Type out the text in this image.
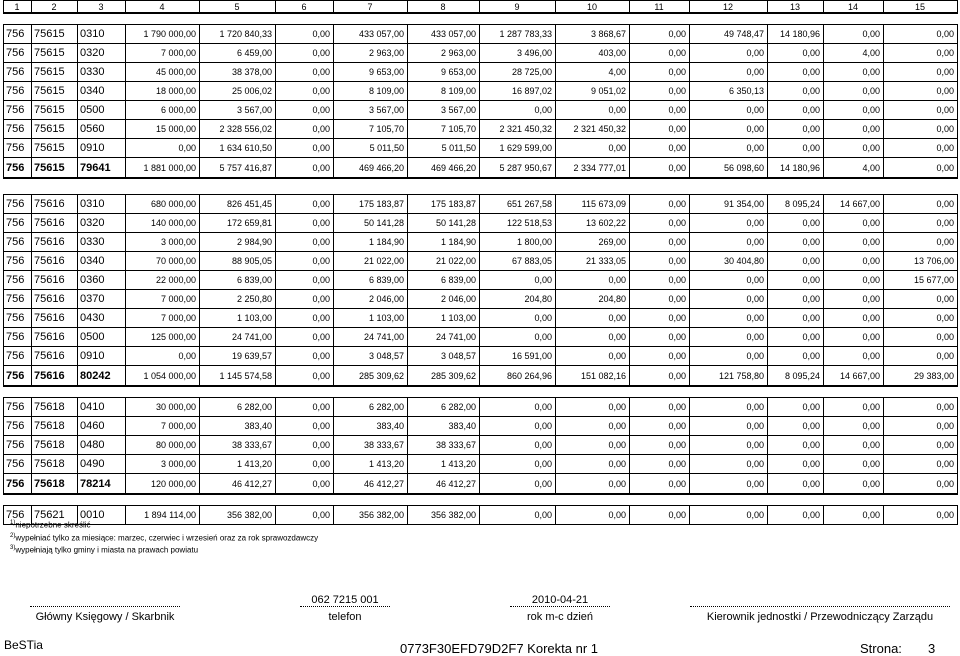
1	2	3	4	5	6	7	8	9	10	11	12	13	14	15

756	75615	0310	1 790 000,00	1 720 840,33	0,00	433 057,00	433 057,00	1 287 783,33	3 868,67	0,00	49 748,47	14 180,96	0,00	0,00
756	75615	0320	7 000,00	6 459,00	0,00	2 963,00	2 963,00	3 496,00	403,00	0,00	0,00	0,00	4,00	0,00
756	75615	0330	45 000,00	38 378,00	0,00	9 653,00	9 653,00	28 725,00	4,00	0,00	0,00	0,00	0,00	0,00
756	75615	0340	18 000,00	25 006,02	0,00	8 109,00	8 109,00	16 897,02	9 051,02	0,00	6 350,13	0,00	0,00	0,00
756	75615	0500	6 000,00	3 567,00	0,00	3 567,00	3 567,00	0,00	0,00	0,00	0,00	0,00	0,00	0,00
756	75615	0560	15 000,00	2 328 556,02	0,00	7 105,70	7 105,70	2 321 450,32	2 321 450,32	0,00	0,00	0,00	0,00	0,00
756	75615	0910	0,00	1 634 610,50	0,00	5 011,50	5 011,50	1 629 599,00	0,00	0,00	0,00	0,00	0,00	0,00
756	75615	79641	1 881 000,00	5 757 416,87	0,00	469 466,20	469 466,20	5 287 950,67	2 334 777,01	0,00	56 098,60	14 180,96	4,00	0,00

756	75616	0310	680 000,00	826 451,45	0,00	175 183,87	175 183,87	651 267,58	115 673,09	0,00	91 354,00	8 095,24	14 667,00	0,00
756	75616	0320	140 000,00	172 659,81	0,00	50 141,28	50 141,28	122 518,53	13 602,22	0,00	0,00	0,00	0,00	0,00
756	75616	0330	3 000,00	2 984,90	0,00	1 184,90	1 184,90	1 800,00	269,00	0,00	0,00	0,00	0,00	0,00
756	75616	0340	70 000,00	88 905,05	0,00	21 022,00	21 022,00	67 883,05	21 333,05	0,00	30 404,80	0,00	0,00	13 706,00
756	75616	0360	22 000,00	6 839,00	0,00	6 839,00	6 839,00	0,00	0,00	0,00	0,00	0,00	0,00	15 677,00
756	75616	0370	7 000,00	2 250,80	0,00	2 046,00	2 046,00	204,80	204,80	0,00	0,00	0,00	0,00	0,00
756	75616	0430	7 000,00	1 103,00	0,00	1 103,00	1 103,00	0,00	0,00	0,00	0,00	0,00	0,00	0,00
756	75616	0500	125 000,00	24 741,00	0,00	24 741,00	24 741,00	0,00	0,00	0,00	0,00	0,00	0,00	0,00
756	75616	0910	0,00	19 639,57	0,00	3 048,57	3 048,57	16 591,00	0,00	0,00	0,00	0,00	0,00	0,00
756	75616	80242	1 054 000,00	1 145 574,58	0,00	285 309,62	285 309,62	860 264,96	151 082,16	0,00	121 758,80	8 095,24	14 667,00	29 383,00

756	75618	0410	30 000,00	6 282,00	0,00	6 282,00	6 282,00	0,00	0,00	0,00	0,00	0,00	0,00	0,00
756	75618	0460	7 000,00	383,40	0,00	383,40	383,40	0,00	0,00	0,00	0,00	0,00	0,00	0,00
756	75618	0480	80 000,00	38 333,67	0,00	38 333,67	38 333,67	0,00	0,00	0,00	0,00	0,00	0,00	0,00
756	75618	0490	3 000,00	1 413,20	0,00	1 413,20	1 413,20	0,00	0,00	0,00	0,00	0,00	0,00	0,00
756	75618	78214	120 000,00	46 412,27	0,00	46 412,27	46 412,27	0,00	0,00	0,00	0,00	0,00	0,00	0,00

756	75621	0010	1 894 114,00	356 382,00	0,00	356 382,00	356 382,00	0,00	0,00	0,00	0,00	0,00	0,00	0,00
$^{1)}$niepotrzebne skreślić
$^{2)}$wypełniać tylko za miesiące: marzec, czerwiec i wrzesień oraz za rok sprawozdawczy
$^{3)}$wypełniają tylko gminy i miasta na prawach powiatu
062 7215 001	2010-04-21
Główny Księgowy / Skarbnik	telefon	rok m-c dzień	Kierownik jednostki / Przewodniczący Zarządu
BeSTia	0773F30EFD79D2F7 Korekta nr 1	Strona: 3
